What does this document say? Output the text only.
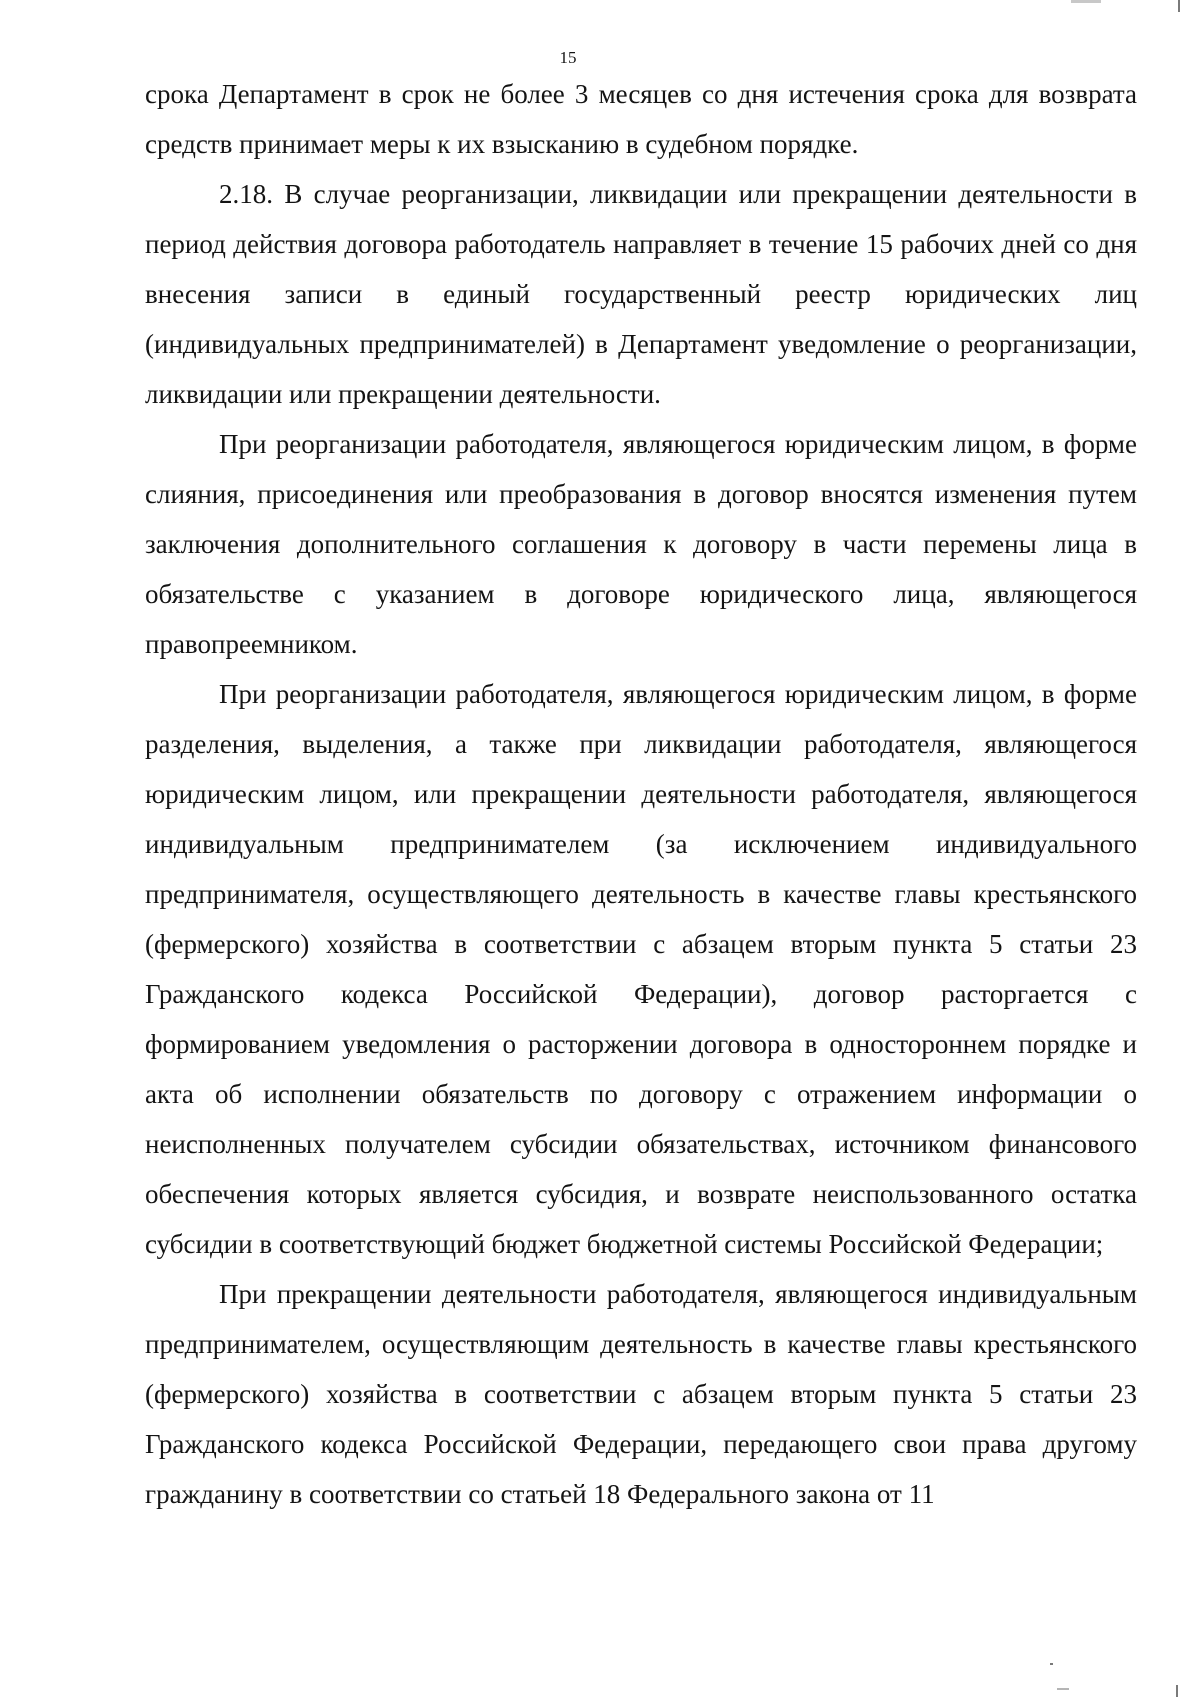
15

срока Департамент в срок не более 3 месяцев со дня истечения срока для возврата средств принимает меры к их взысканию в судебном порядке.

2.18. В случае реорганизации, ликвидации или прекращении деятельности в период действия договора работодатель направляет в течение 15 рабочих дней со дня внесения записи в единый государственный реестр юридических лиц (индивидуальных предпринимателей) в Департамент уведомление о реорганизации, ликвидации или прекращении деятельности.

При реорганизации работодателя, являющегося юридическим лицом, в форме слияния, присоединения или преобразования в договор вносятся изменения путем заключения дополнительного соглашения к договору в части перемены лица в обязательстве с указанием в договоре юридического лица, являющегося правопреемником.

При реорганизации работодателя, являющегося юридическим лицом, в форме разделения, выделения, а также при ликвидации работодателя, являющегося юридическим лицом, или прекращении деятельности работодателя, являющегося индивидуальным предпринимателем (за исключением индивидуального предпринимателя, осуществляющего деятельность в качестве главы крестьянского (фермерского) хозяйства в соответствии с абзацем вторым пункта 5 статьи 23 Гражданского кодекса Российской Федерации), договор расторгается с формированием уведомления о расторжении договора в одностороннем порядке и акта об исполнении обязательств по договору с отражением информации о неисполненных получателем субсидии обязательствах, источником финансового обеспечения которых является субсидия, и возврате неиспользованного остатка субсидии в соответствующий бюджет бюджетной системы Российской Федерации;

При прекращении деятельности работодателя, являющегося индивидуальным предпринимателем, осуществляющим деятельность в качестве главы крестьянского (фермерского) хозяйства в соответствии с абзацем вторым пункта 5 статьи 23 Гражданского кодекса Российской Федерации, передающего свои права другому гражданину в соответствии со статьей 18 Федерального закона от 11
